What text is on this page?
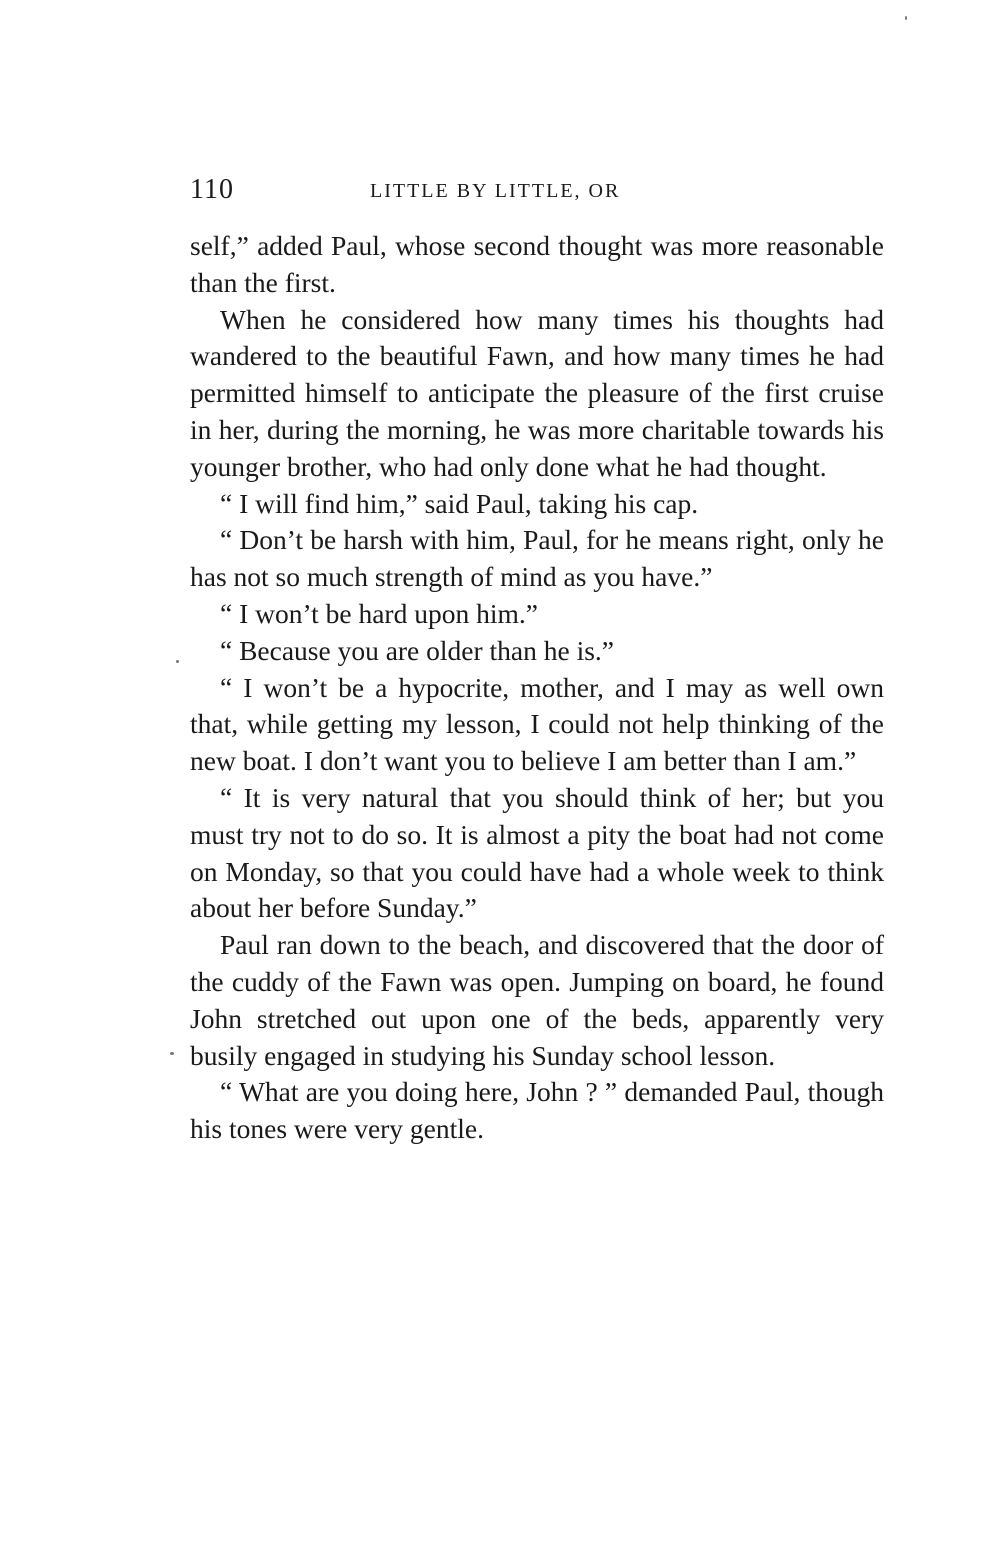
110	LITTLE BY LITTLE, OR

self,” added Paul, whose second thought was more reasonable than the first.

When he considered how many times his thoughts had wandered to the beautiful Fawn, and how many times he had permitted himself to anticipate the pleasure of the first cruise in her, during the morning, he was more charitable towards his younger brother, who had only done what he had thought.

“ I will find him,” said Paul, taking his cap.

“ Don’t be harsh with him, Paul, for he means right, only he has not so much strength of mind as you have.”

“ I won’t be hard upon him.”

“ Because you are older than he is.”

“ I won’t be a hypocrite, mother, and I may as well own that, while getting my lesson, I could not help thinking of the new boat. I don’t want you to believe I am better than I am.”

“ It is very natural that you should think of her; but you must try not to do so. It is almost a pity the boat had not come on Monday, so that you could have had a whole week to think about her before Sunday.”

Paul ran down to the beach, and discovered that the door of the cuddy of the Fawn was open. Jumping on board, he found John stretched out upon one of the beds, apparently very busily engaged in studying his Sunday school lesson.

“ What are you doing here, John ? ” demanded Paul, though his tones were very gentle.
